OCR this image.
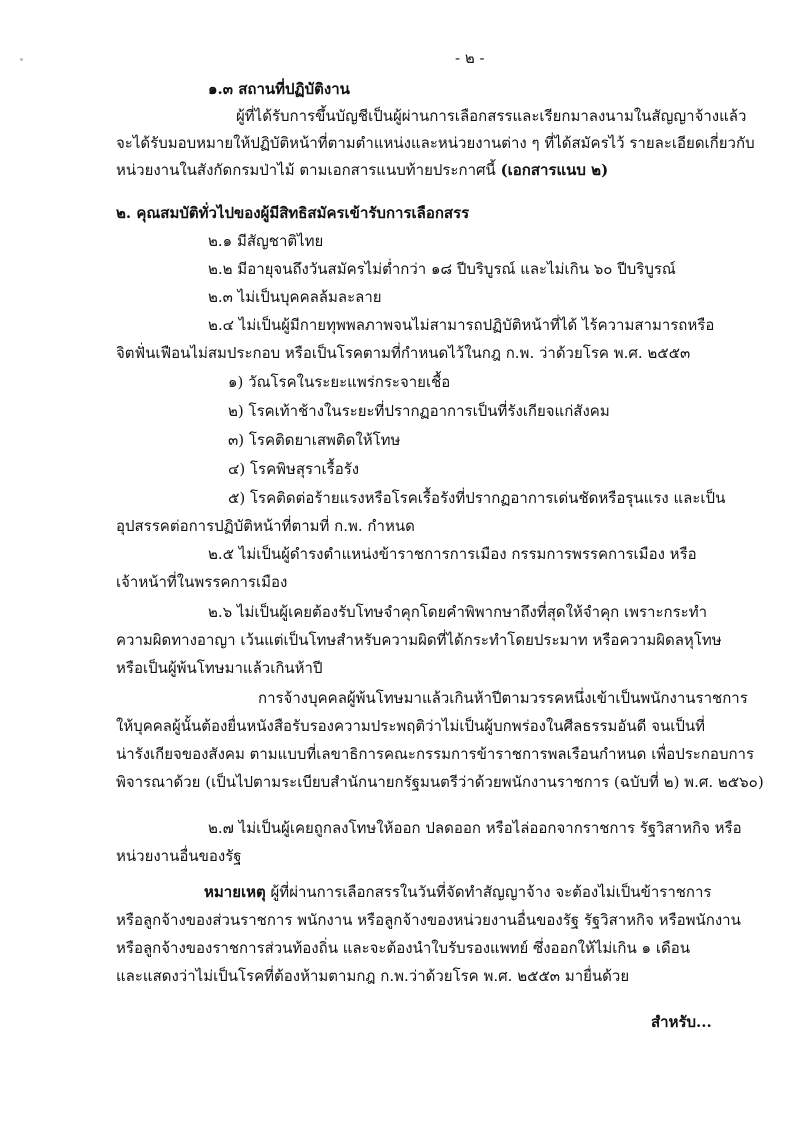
- ๒ -
๑.๓ สถานที่ปฏิบัติงาน
ผู้ที่ได้รับการขึ้นบัญชีเป็นผู้ผ่านการเลือกสรรและเรียกมาลงนามในสัญญาจ้างแล้ว
จะได้รับมอบหมายให้ปฏิบัติหน้าที่ตามตำแหน่งและหน่วยงานต่าง ๆ ที่ได้สมัครไว้ รายละเอียดเกี่ยวกับ
หน่วยงานในสังกัดกรมป่าไม้ ตามเอกสารแนบท้ายประกาศนี้ (เอกสารแนบ ๒)
๒. คุณสมบัติทั่วไปของผู้มีสิทธิสมัครเข้ารับการเลือกสรร
๒.๑ มีสัญชาติไทย
๒.๒ มีอายุจนถึงวันสมัครไม่ต่ำกว่า ๑๘ ปีบริบูรณ์ และไม่เกิน ๖๐ ปีบริบูรณ์
๒.๓ ไม่เป็นบุคคลล้มละลาย
๒.๔ ไม่เป็นผู้มีกายทุพพลภาพจนไม่สามารถปฏิบัติหน้าที่ได้ ไร้ความสามารถหรือ
จิตฟั่นเฟือนไม่สมประกอบ หรือเป็นโรคตามที่กำหนดไว้ในกฎ ก.พ. ว่าด้วยโรค พ.ศ. ๒๕๕๓
๑) วัณโรคในระยะแพร่กระจายเชื้อ
๒) โรคเท้าช้างในระยะที่ปรากฏอาการเป็นที่รังเกียจแก่สังคม
๓) โรคติดยาเสพติดให้โทษ
๔) โรคพิษสุราเรื้อรัง
๕) โรคติดต่อร้ายแรงหรือโรคเรื้อรังที่ปรากฏอาการเด่นชัดหรือรุนแรง และเป็น
อุปสรรคต่อการปฏิบัติหน้าที่ตามที่ ก.พ. กำหนด
๒.๕ ไม่เป็นผู้ดำรงตำแหน่งข้าราชการการเมือง กรรมการพรรคการเมือง หรือ
เจ้าหน้าที่ในพรรคการเมือง
๒.๖ ไม่เป็นผู้เคยต้องรับโทษจำคุกโดยคำพิพากษาถึงที่สุดให้จำคุก เพราะกระทำ
ความผิดทางอาญา เว้นแต่เป็นโทษสำหรับความผิดที่ได้กระทำโดยประมาท หรือความผิดลหุโทษ
หรือเป็นผู้พ้นโทษมาแล้วเกินห้าปี
การจ้างบุคคลผู้พ้นโทษมาแล้วเกินห้าปีตามวรรคหนึ่งเข้าเป็นพนักงานราชการ
ให้บุคคลผู้นั้นต้องยื่นหนังสือรับรองความประพฤติว่าไม่เป็นผู้บกพร่องในศีลธรรมอันดี จนเป็นที่
น่ารังเกียจของสังคม ตามแบบที่เลขาธิการคณะกรรมการข้าราชการพลเรือนกำหนด เพื่อประกอบการ
พิจารณาด้วย (เป็นไปตามระเบียบสำนักนายกรัฐมนตรีว่าด้วยพนักงานราชการ (ฉบับที่ ๒) พ.ศ. ๒๕๖๐)
๒.๗ ไม่เป็นผู้เคยถูกลงโทษให้ออก ปลดออก หรือไล่ออกจากราชการ รัฐวิสาหกิจ หรือ
หน่วยงานอื่นของรัฐ
หมายเหตุ ผู้ที่ผ่านการเลือกสรรในวันที่จัดทำสัญญาจ้าง จะต้องไม่เป็นข้าราชการ
หรือลูกจ้างของส่วนราชการ พนักงาน หรือลูกจ้างของหน่วยงานอื่นของรัฐ รัฐวิสาหกิจ หรือพนักงาน
หรือลูกจ้างของราชการส่วนท้องถิ่น และจะต้องนำใบรับรองแพทย์ ซึ่งออกให้ไม่เกิน ๑ เดือน
และแสดงว่าไม่เป็นโรคที่ต้องห้ามตามกฎ ก.พ.ว่าด้วยโรค พ.ศ. ๒๕๕๓ มายื่นด้วย
สำหรับ...
